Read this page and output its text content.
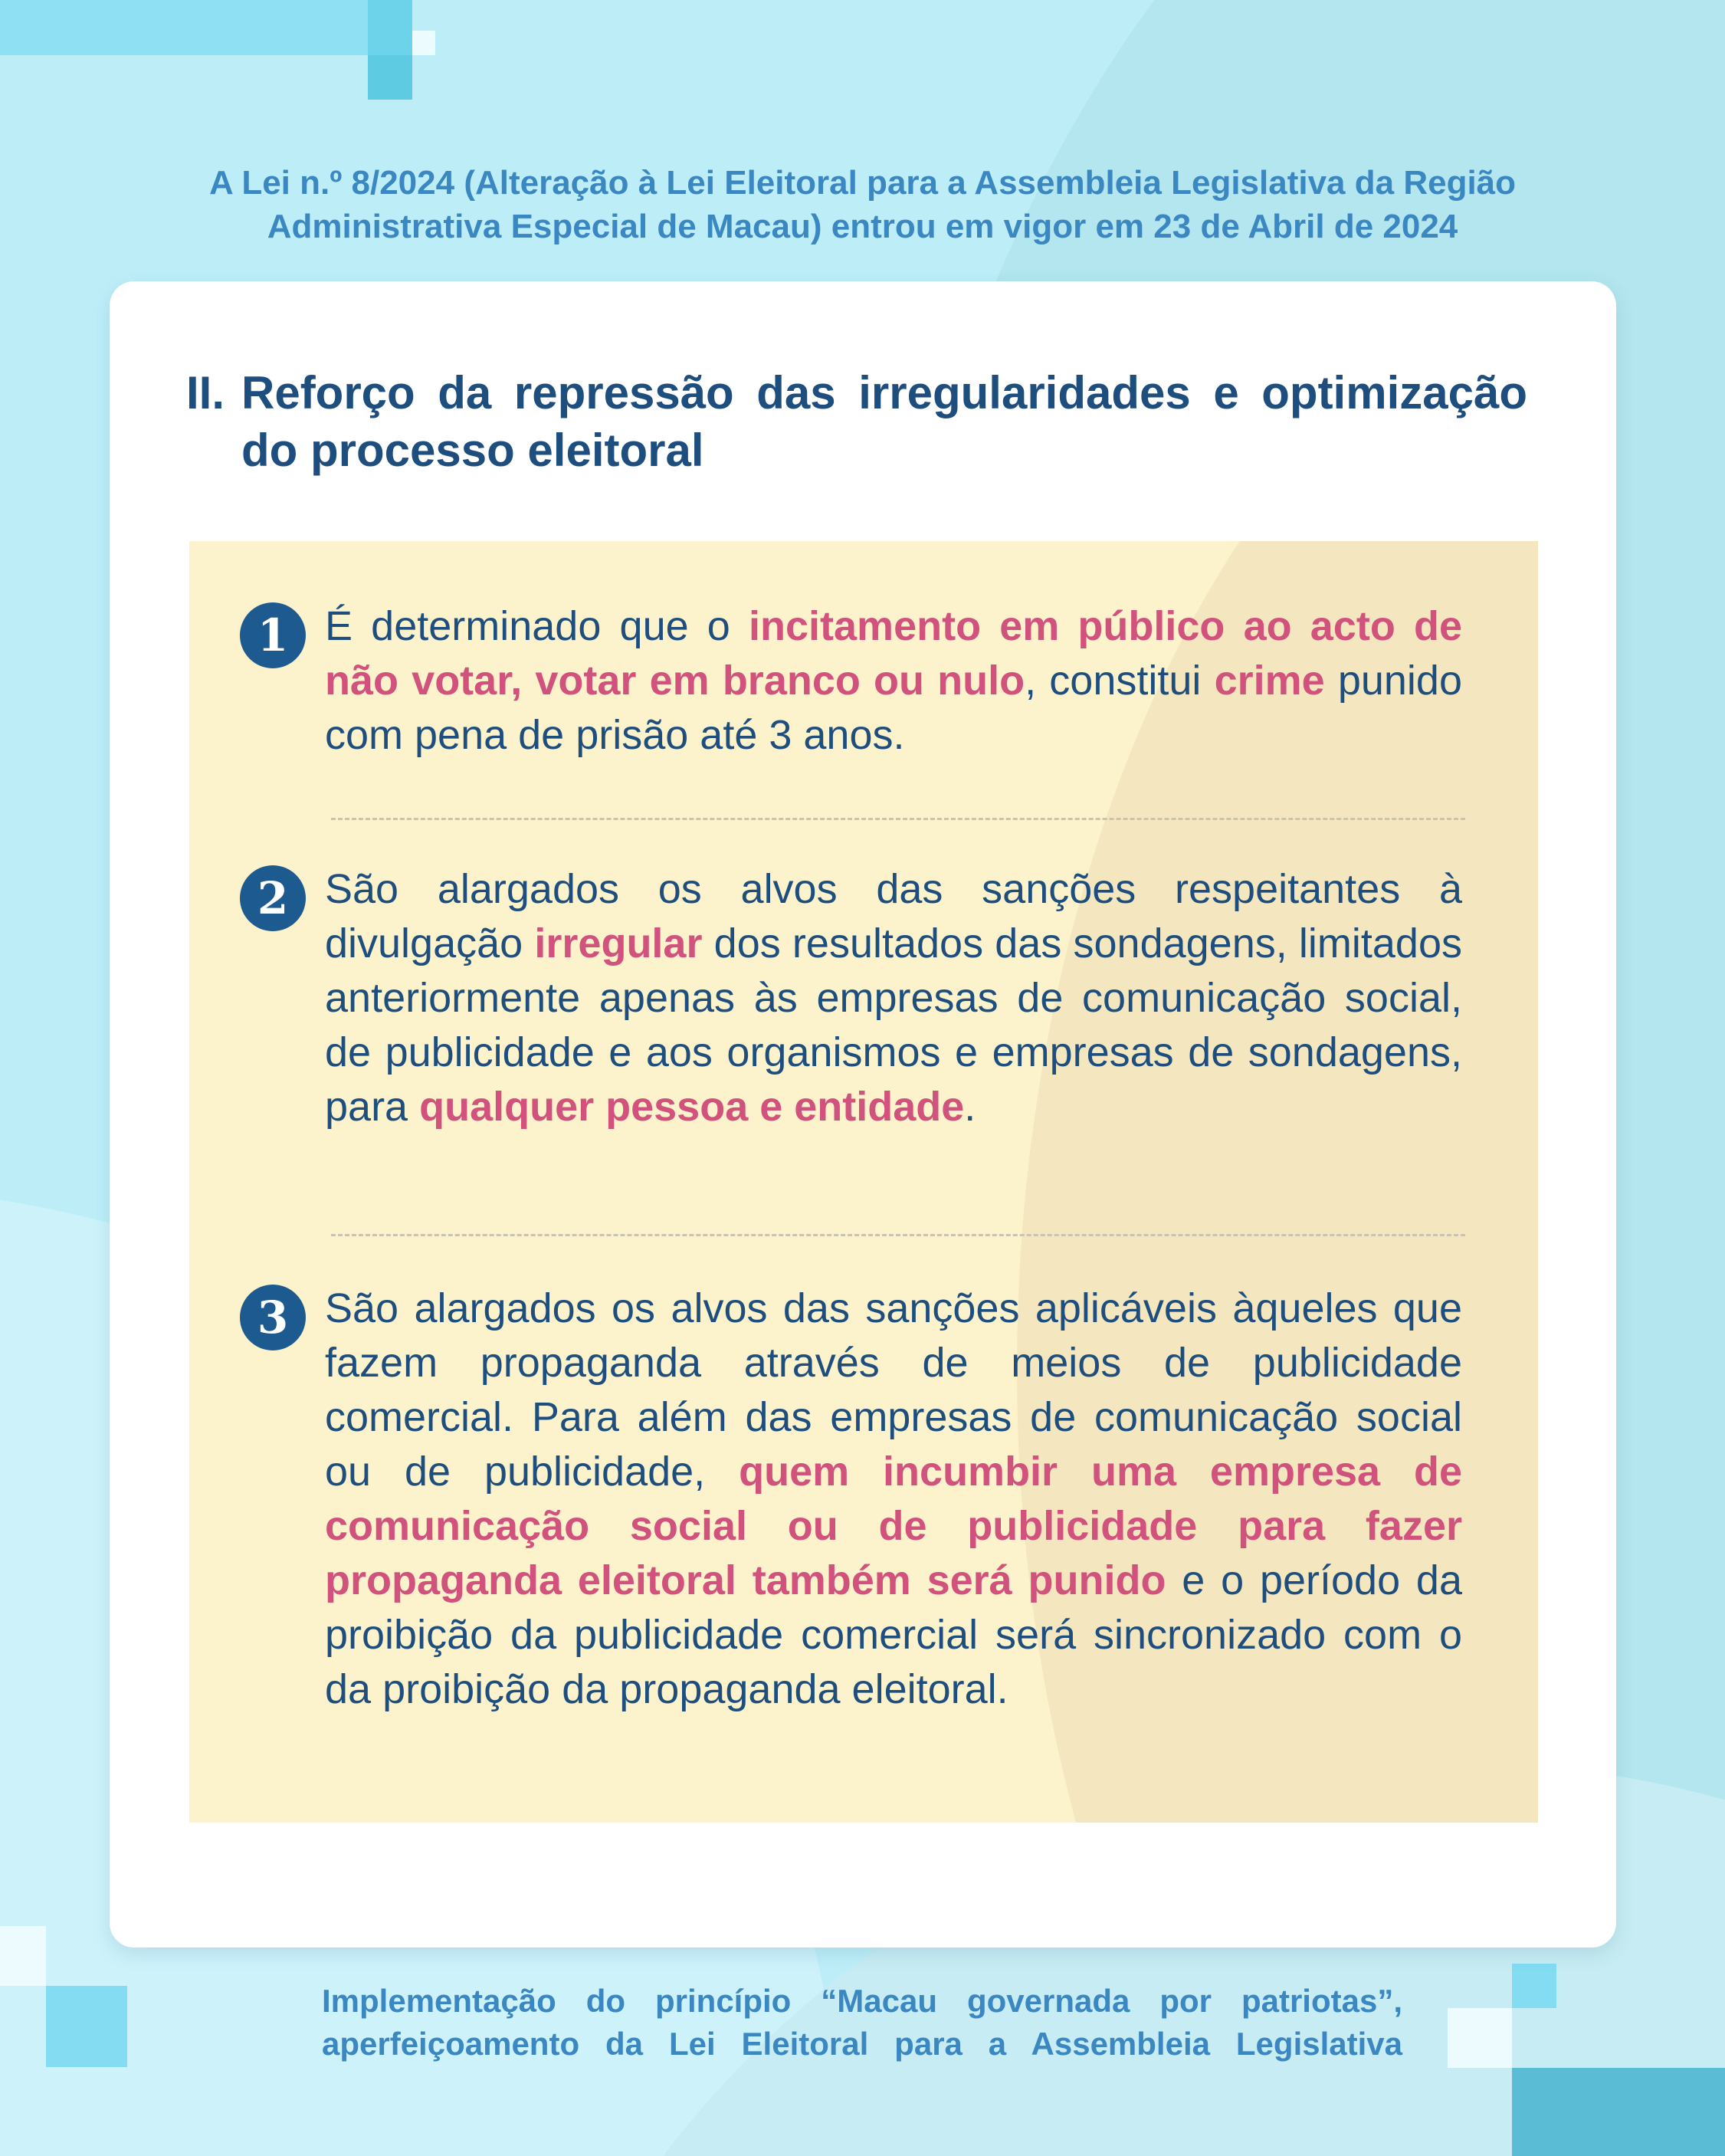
A Lei n.º 8/2024 (Alteração à Lei Eleitoral para a Assembleia Legislativa da Região
Administrativa Especial de Macau) entrou em vigor em 23 de Abril de 2024
II. Reforço da repressão das irregularidades e optimização do processo eleitoral
1 É determinado que o incitamento em público ao acto de não votar, votar em branco ou nulo, constitui crime punido com pena de prisão até 3 anos.
2 São alargados os alvos das sanções respeitantes à divulgação irregular dos resultados das sondagens, limitados anteriormente apenas às empresas de comunicação social, de publicidade e aos organismos e empresas de sondagens, para qualquer pessoa e entidade.
3 São alargados os alvos das sanções aplicáveis àqueles que fazem propaganda através de meios de publicidade comercial. Para além das empresas de comunicação social ou de publicidade, quem incumbir uma empresa de comunicação social ou de publicidade para fazer propaganda eleitoral também será punido e o período da proibição da publicidade comercial será sincronizado com o da proibição da propaganda eleitoral.
Implementação do princípio “Macau governada por patriotas”,
aperfeiçoamento da Lei Eleitoral para a Assembleia Legislativa
